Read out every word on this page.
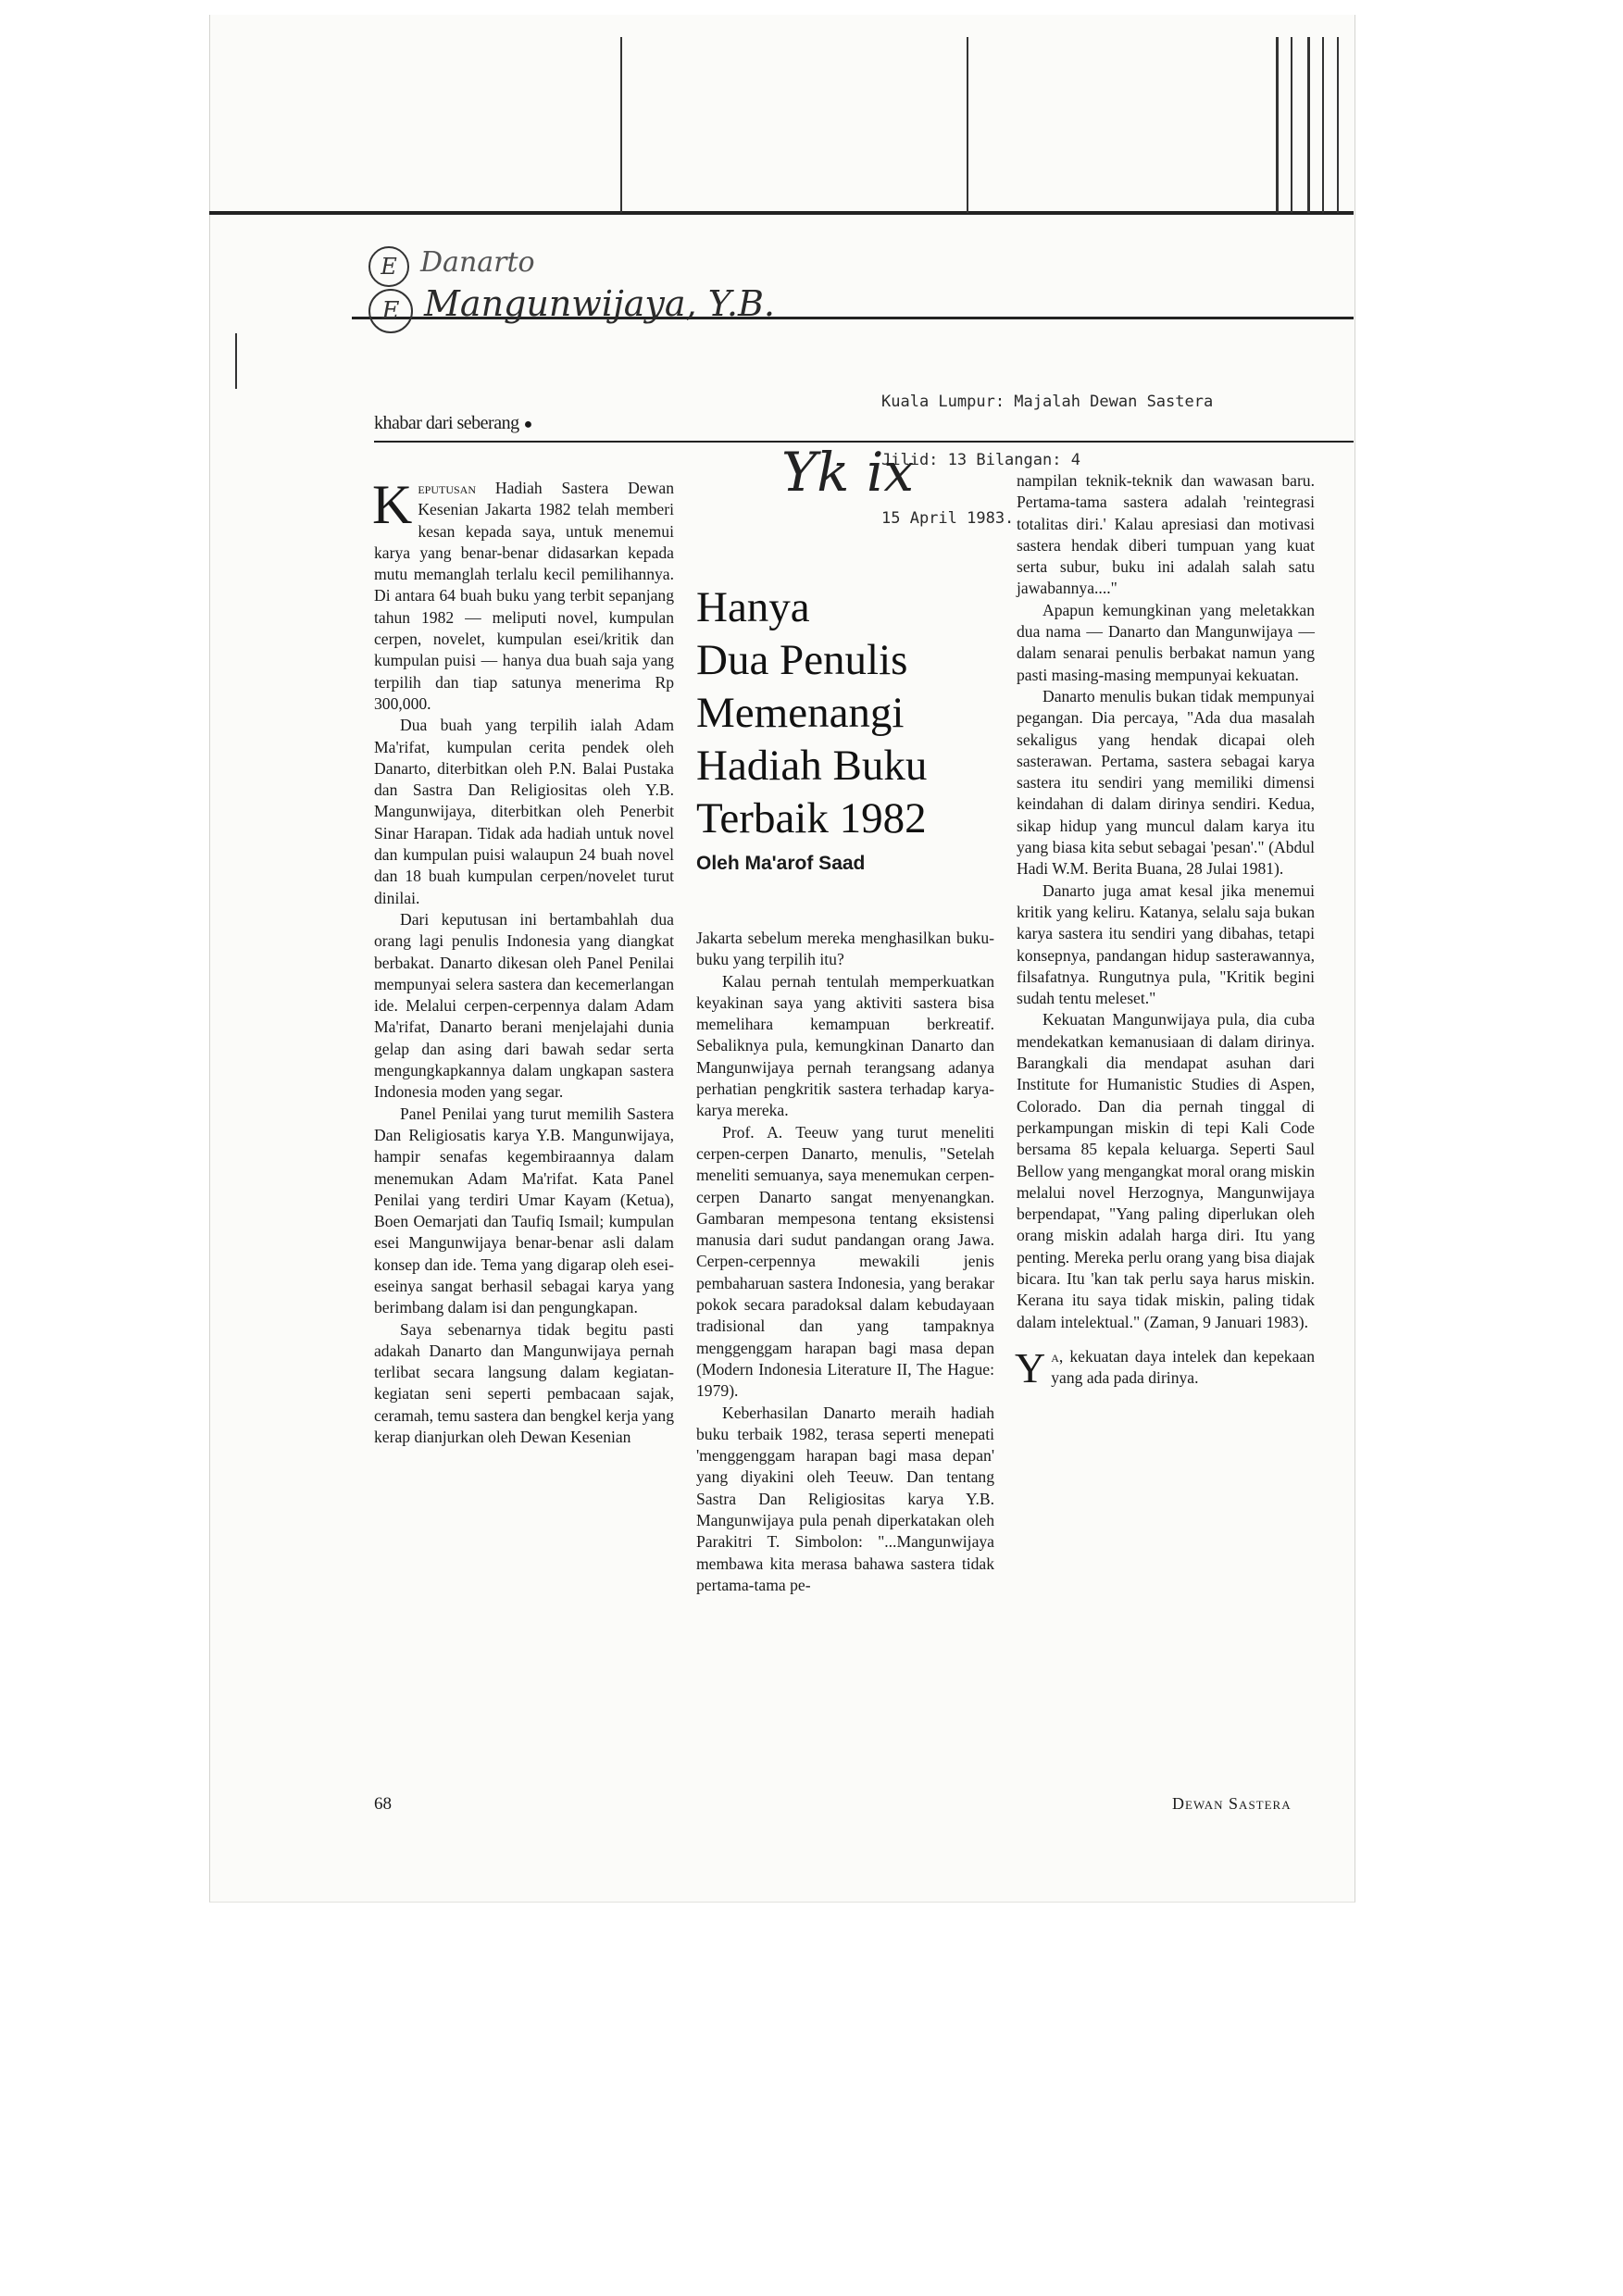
E Danarto
E Mangunwijaya, Y.B.

Kuala Lumpur: Majalah Dewan Sastera

Jilid: 13 Bilangan: 4

15 April 1983.

khabar dari seberang ●
Yk ix

Keputusan Hadiah Sastera Dewan Kesenian Jakarta 1982 telah memberi kesan kepada saya, untuk menemui karya yang benar-benar didasarkan kepada mutu memanglah terlalu kecil pemilihannya. Di antara 64 buah buku yang terbit sepanjang tahun 1982 — meliputi novel, kumpulan cerpen, novelet, kumpulan esei/kritik dan kumpulan puisi — hanya dua buah saja yang terpilih dan tiap satunya menerima Rp 300,000.

Dua buah yang terpilih ialah Adam Ma'rifat, kumpulan cerita pendek oleh Danarto, diterbitkan oleh P.N. Balai Pustaka dan Sastra Dan Religiositas oleh Y.B. Mangunwijaya, diterbitkan oleh Penerbit Sinar Harapan. Tidak ada hadiah untuk novel dan kumpulan puisi walaupun 24 buah novel dan 18 buah kumpulan cerpen/novelet turut dinilai.

Dari keputusan ini bertambahlah dua orang lagi penulis Indonesia yang diangkat berbakat. Danarto dikesan oleh Panel Penilai mempunyai selera sastera dan kecemerlangan ide. Melalui cerpen-cerpennya dalam Adam Ma'rifat, Danarto berani menjelajahi dunia gelap dan asing dari bawah sedar serta mengungkapkannya dalam ungkapan sastera Indonesia moden yang segar.

Panel Penilai yang turut memilih Sastera Dan Religiosatis karya Y.B. Mangunwijaya, hampir senafas kegembiraannya dalam menemukan Adam Ma'rifat. Kata Panel Penilai yang terdiri Umar Kayam (Ketua), Boen Oemarjati dan Taufiq Ismail; kumpulan esei Mangunwijaya benar-benar asli dalam konsep dan ide. Tema yang digarap oleh esei-eseinya sangat berhasil sebagai karya yang berimbang dalam isi dan pengungkapan.

Saya sebenarnya tidak begitu pasti adakah Danarto dan Mangunwijaya pernah terlibat secara langsung dalam kegiatan-kegiatan seni seperti pembacaan sajak, ceramah, temu sastera dan bengkel kerja yang kerap dianjurkan oleh Dewan Kesenian

Hanya
Dua Penulis
Memenangi
Hadiah Buku
Terbaik 1982
Oleh Ma'arof Saad

Jakarta sebelum mereka menghasilkan buku-buku yang terpilih itu?

Kalau pernah tentulah memperkuatkan keyakinan saya yang aktiviti sastera bisa memelihara kemampuan berkreatif. Sebaliknya pula, kemungkinan Danarto dan Mangunwijaya pernah terangsang adanya perhatian pengkritik sastera terhadap karya-karya mereka.

Prof. A. Teeuw yang turut meneliti cerpen-cerpen Danarto, menulis, "Setelah meneliti semuanya, saya menemukan cerpen-cerpen Danarto sangat menyenangkan. Gambaran mempesona tentang eksistensi manusia dari sudut pandangan orang Jawa. Cerpen-cerpennya mewakili jenis pembaharuan sastera Indonesia, yang berakar pokok secara paradoksal dalam kebudayaan tradisional dan yang tampaknya menggenggam harapan bagi masa depan (Modern Indonesia Literature II, The Hague: 1979).

Keberhasilan Danarto meraih hadiah buku terbaik 1982, terasa seperti menepati 'menggenggam harapan bagi masa depan' yang diyakini oleh Teeuw. Dan tentang Sastra Dan Religiositas karya Y.B. Mangunwijaya pula penah diperkatakan oleh Parakitri T. Simbolon: "...Mangunwijaya membawa kita merasa bahawa sastera tidak pertama-tama pe-

nampilan teknik-teknik dan wawasan baru. Pertama-tama sastera adalah 'reintegrasi totalitas diri.' Kalau apresiasi dan motivasi sastera hendak diberi tumpuan yang kuat serta subur, buku ini adalah salah satu jawabannya...."

Apapun kemungkinan yang meletakkan dua nama — Danarto dan Mangunwijaya — dalam senarai penulis berbakat namun yang pasti masing-masing mempunyai kekuatan.

Danarto menulis bukan tidak mempunyai pegangan. Dia percaya, "Ada dua masalah sekaligus yang hendak dicapai oleh sasterawan. Pertama, sastera sebagai karya sastera itu sendiri yang memiliki dimensi keindahan di dalam dirinya sendiri. Kedua, sikap hidup yang muncul dalam karya itu yang biasa kita sebut sebagai 'pesan'." (Abdul Hadi W.M. Berita Buana, 28 Julai 1981).

Danarto juga amat kesal jika menemui kritik yang keliru. Katanya, selalu saja bukan karya sastera itu sendiri yang dibahas, tetapi konsepnya, pandangan hidup sasterawannya, filsafatnya. Rungutnya pula, "Kritik begini sudah tentu meleset."

Kekuatan Mangunwijaya pula, dia cuba mendekatkan kemanusiaan di dalam dirinya. Barangkali dia mendapat asuhan dari Institute for Humanistic Studies di Aspen, Colorado. Dan dia pernah tinggal di perkampungan miskin di tepi Kali Code bersama 85 kepala keluarga. Seperti Saul Bellow yang mengangkat moral orang miskin melalui novel Herzognya, Mangunwijaya berpendapat, "Yang paling diperlukan oleh orang miskin adalah harga diri. Itu yang penting. Mereka perlu orang yang bisa diajak bicara. Itu 'kan tak perlu saya harus miskin. Kerana itu saya tidak miskin, paling tidak dalam intelektual." (Zaman, 9 Januari 1983).

Ya, kekuatan daya intelek dan kepekaan yang ada pada dirinya.

68	Dewan Sastera
